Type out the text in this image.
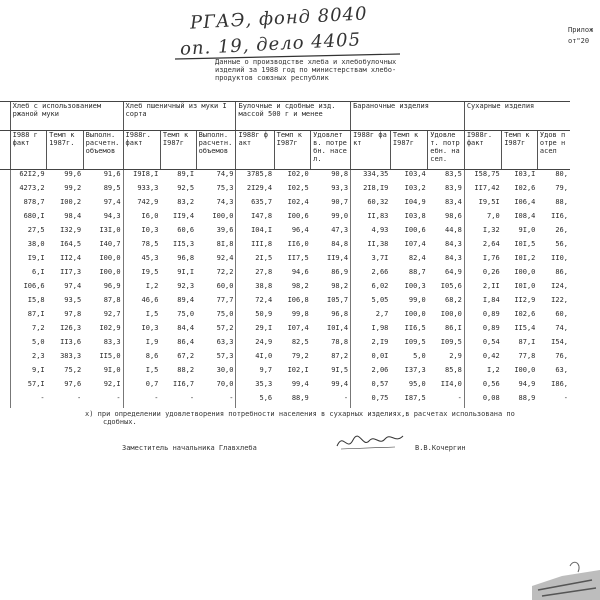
РГАЭ, фонд 8040
оп. 19, дело 4405	Прилож
от"20
Данные о производстве хлеба и хлебобулочных
изделий за 1988 год по министерствам хлебо-
продуктов союзных республик
	Хлеб с использованием ржаной муки			Хлеб пшеничный из муки I сорта			Булочные и сдобные изд. массой 500 г и менее			Бараночные изделия			Сухарные изделия		
	I988 г факт	Темп к 1987г.	Выполн. расчетн. объемов	I988г. факт	Темп к I987г	Выполн. расчетн. объемов	I988г факт	Темп к I987г	Удовлетв. потребн. насел.	I988г факт	Темп к I987г	Удовлет. потребн. насел.	I988г. факт	Темп к I987г	Удов потре насел
	62I2,9	99,6	91,6	I9I8,I	89,I	74,9	3785,8	I02,0	90,8	334,35	I03,4	83,5	I58,75	I03,I	80,
	4273,2	99,2	89,5	933,3	92,5	75,3	2I29,4	I02,5	93,3	2I8,I9	I03,2	83,9	II7,42	I02,6	79,
	878,7	I00,2	97,4	742,9	83,2	74,3	635,7	I02,4	90,7	60,32	I04,9	83,4	I9,5I	I06,4	88,
	680,I	98,4	94,3	I6,0	II9,4	I00,0	I47,8	I00,6	99,0	II,83	I03,8	98,6	7,0	I08,4	II6,
	27,5	I32,9	I3I,0	I0,3	60,6	39,6	I04,I	96,4	47,3	4,93	I00,6	44,8	I,32	9I,0	26,
	38,0	I64,5	I40,7	78,5	II5,3	8I,8	III,8	II6,0	84,8	II,38	I07,4	84,3	2,64	I0I,5	56,
	I9,I	II2,4	I00,0	45,3	96,8	92,4	2I,5	II7,5	II9,4	3,7I	82,4	84,3	I,76	I0I,2	II0,
	6,I	II7,3	I00,0	I9,5	9I,I	72,2	27,8	94,6	86,9	2,66	88,7	64,9	0,26	I00,0	86,
	I06,6	97,4	96,9	I,2	92,3	60,0	38,8	98,2	98,2	6,02	I00,3	I05,6	2,II	I0I,0	I24,
	I5,8	93,5	87,8	46,6	89,4	77,7	72,4	I06,8	I05,7	5,05	99,0	68,2	I,84	II2,9	I22,
	87,I	97,8	92,7	I,5	75,0	75,0	50,9	99,8	96,8	2,7	I00,0	I00,0	0,89	I02,6	60,
	7,2	I26,3	I02,9	I0,3	84,4	57,2	29,I	I07,4	I0I,4	I,98	II6,5	86,I	0,89	II5,4	74,
	5,0	II3,6	83,3	I,9	86,4	63,3	24,9	82,5	78,8	2,I9	I09,5	I09,5	0,54	87,I	I54,
	2,3	383,3	II5,0	8,6	67,2	57,3	4I,0	79,2	87,2	0,0I	5,0	2,9	0,42	77,8	76,
	9,I	75,2	9I,0	I,5	88,2	30,0	9,7	I02,I	9I,5	2,06	I37,3	85,8	I,2	I00,0	63,
	57,I	97,6	92,I	0,7	II6,7	70,0	35,3	99,4	99,4	0,57	95,0	II4,0	0,56	94,9	I86,
	-	-	-	-	-	-	5,6	88,9	-	0,75	I87,5	-	0,08	88,9	-
х) при определении удовлетворения потребности населения в сухарных изделиях,в расчетах использована по
сдобных.
Заместитель начальника Главхлеба	В.В.Кочергин
